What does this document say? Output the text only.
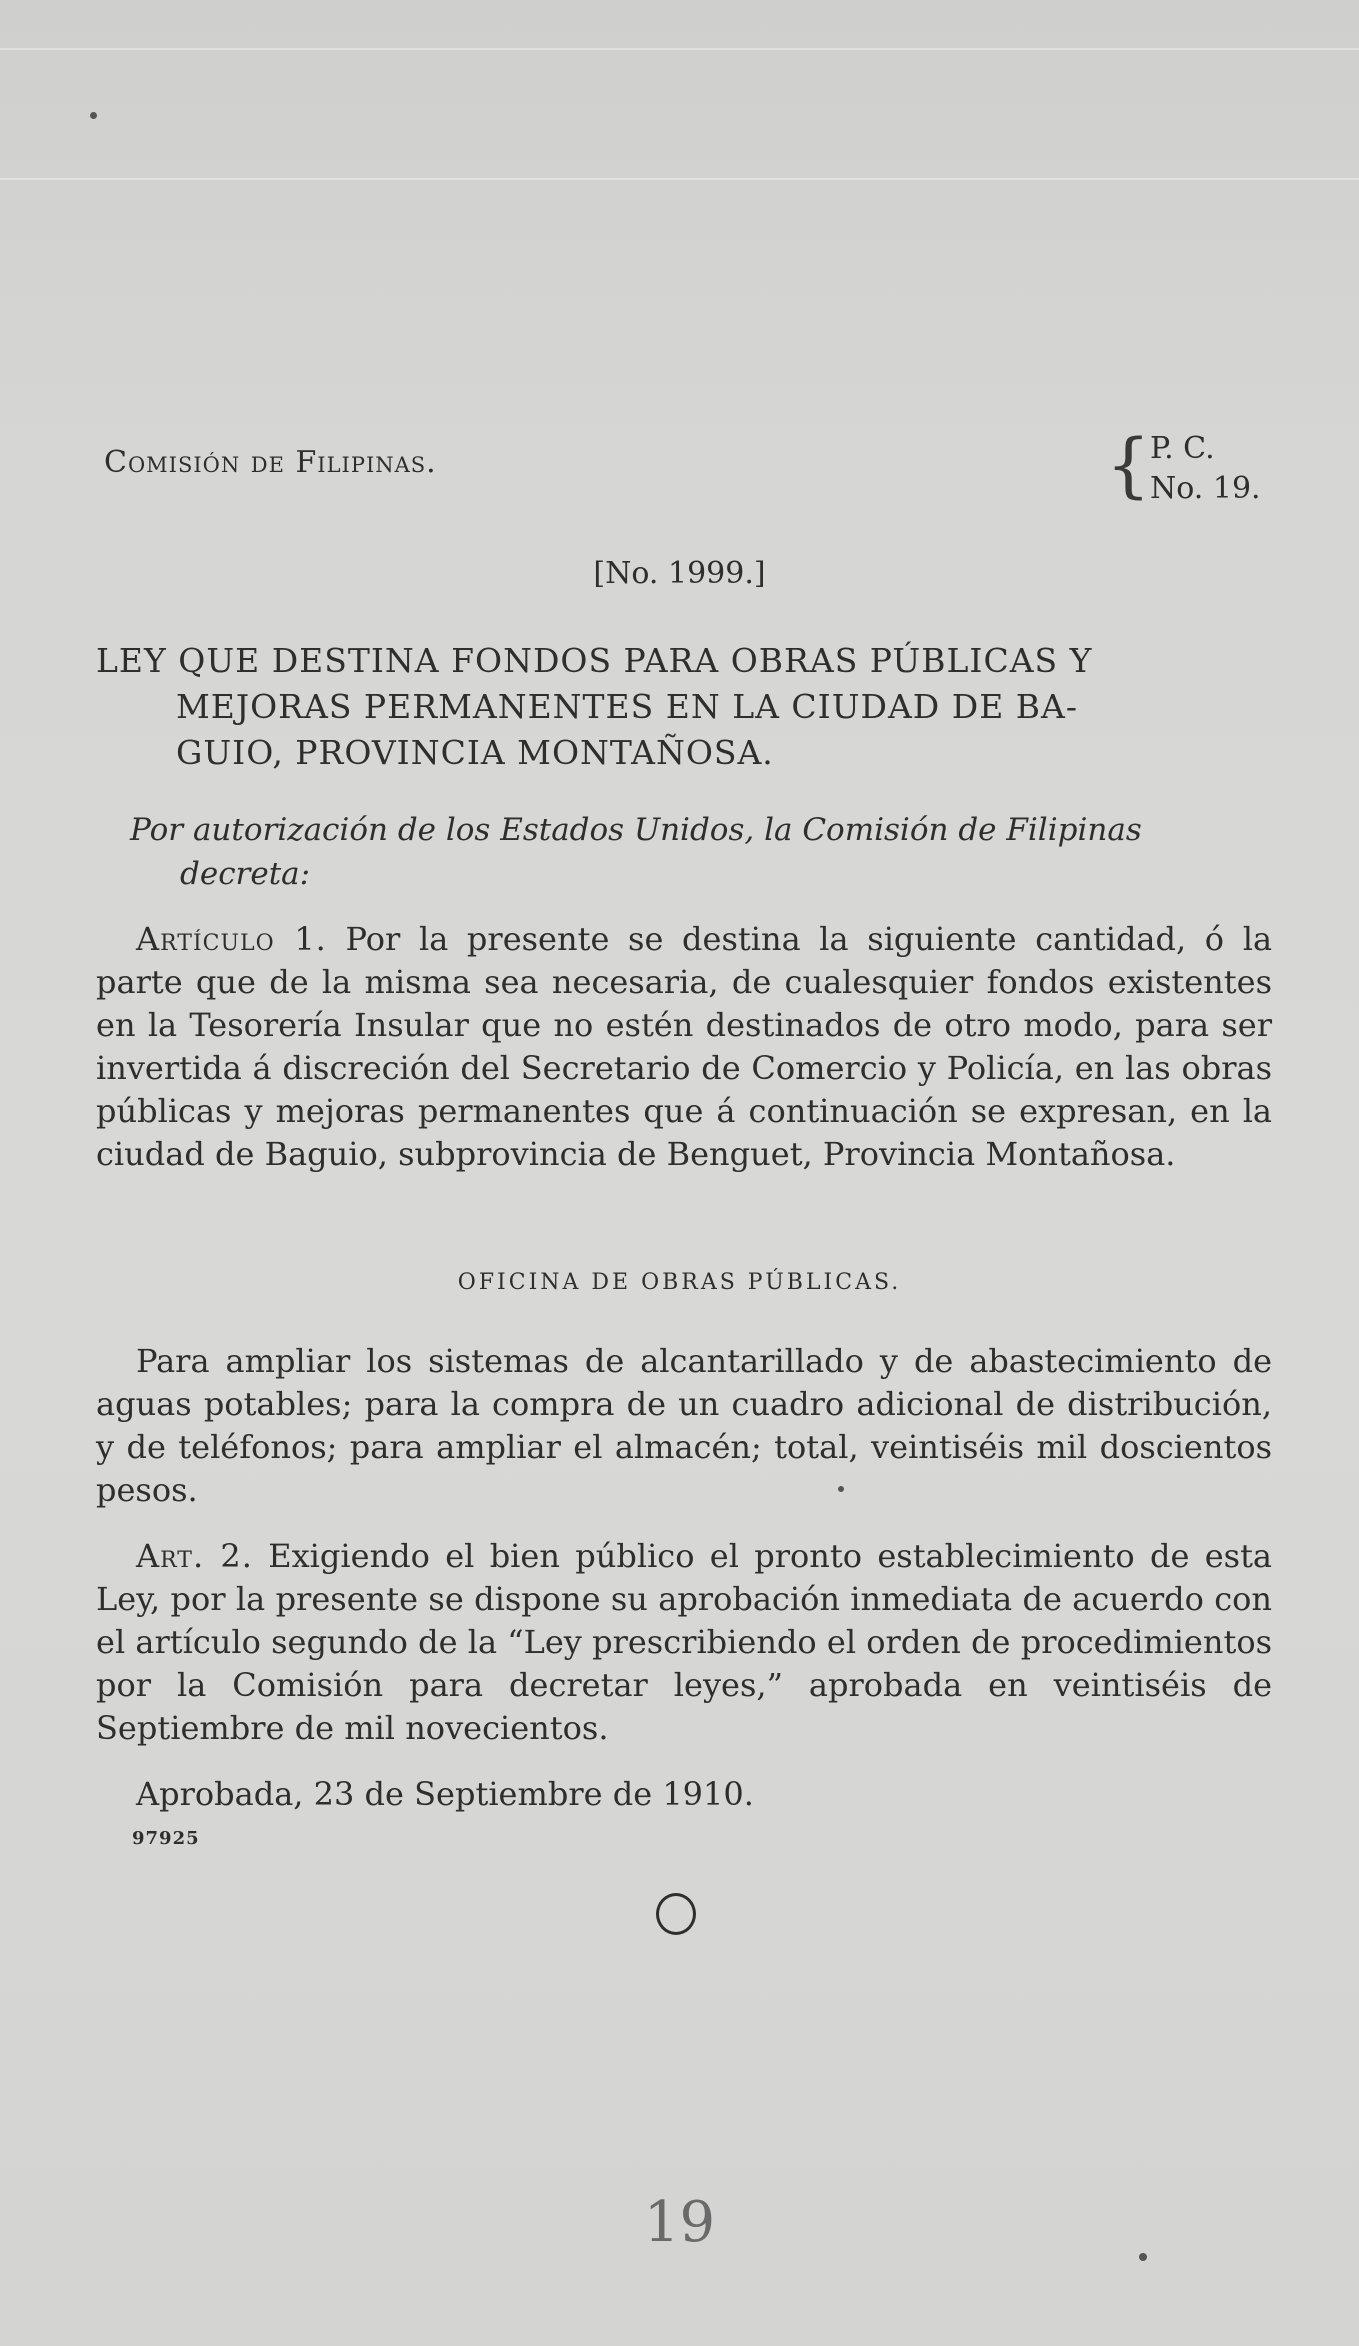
Comisión de Filipinas.	{ P. C.
No. 19.
[No. 1999.]
LEY QUE DESTINA FONDOS PARA OBRAS PÚBLICAS Y
MEJORAS PERMANENTES EN LA CIUDAD DE BA-
GUIO, PROVINCIA MONTAÑOSA.
Por autorización de los Estados Unidos, la Comisión de Filipinas
decreta:
Artículo 1. Por la presente se destina la siguiente cantidad, ó la parte que de la misma sea necesaria, de cualesquier fondos existentes en la Tesorería Insular que no estén destinados de otro modo, para ser invertida á discreción del Secretario de Comercio y Policía, en las obras públicas y mejoras permanentes que á continuación se expresan, en la ciudad de Baguio, subprovincia de Benguet, Provincia Montañosa.
OFICINA DE OBRAS PÚBLICAS.
Para ampliar los sistemas de alcantarillado y de abastecimiento de aguas potables; para la compra de un cuadro adicional de distribución, y de teléfonos; para ampliar el almacén; total, veintiséis mil doscientos pesos.
Art. 2. Exigiendo el bien público el pronto establecimiento de esta Ley, por la presente se dispone su aprobación inmediata de acuerdo con el artículo segundo de la “Ley prescribiendo el orden de procedimientos por la Comisión para decretar leyes,” aprobada en veintiséis de Septiembre de mil novecientos.
Aprobada, 23 de Septiembre de 1910.
97925
19
